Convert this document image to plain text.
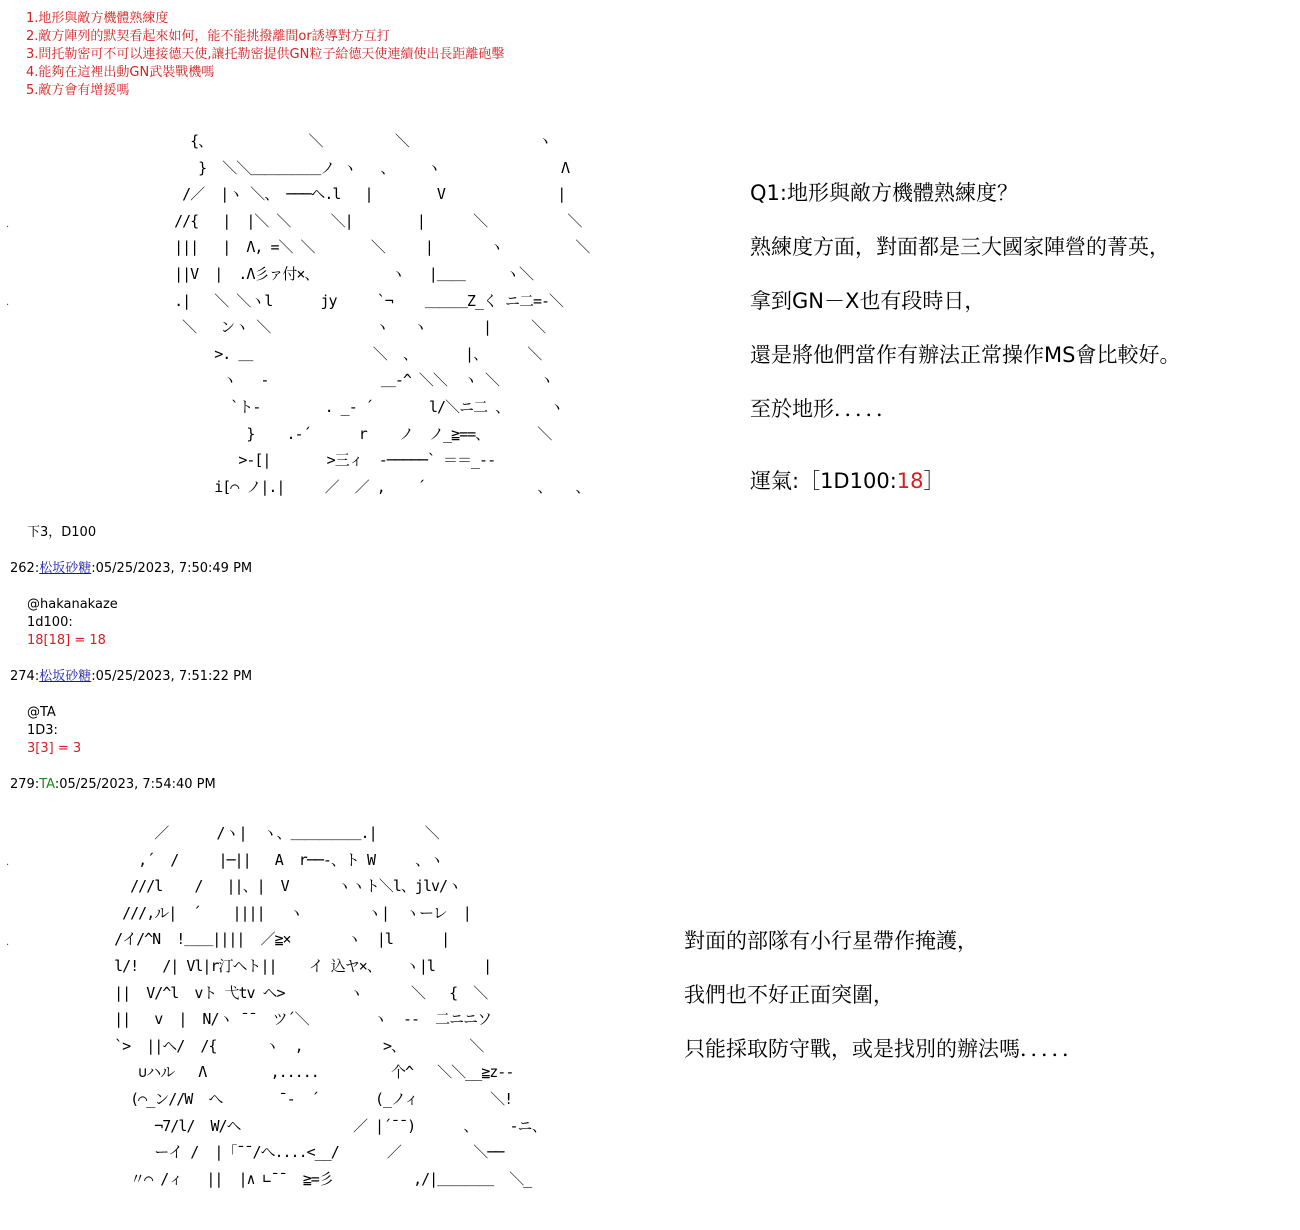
1.地形與敵方機體熟練度
2.敵方陣列的默契看起來如何，能不能挑撥離間or誘導對方互打
3.問托勒密可不可以連接德天使,讓托勒密提供GN粒子給德天使連續使出長距離砲擊
4.能夠在這裡出動GN武裝戰機嗎
5.敵方會有增援嗎
·
·
·
·
{、            ＼         ＼                ヽ
}  ＼＼＿＿＿＿＿ノ ヽ   、    ヽ               Λ
/／  |ヽ ＼、 ───ヘ.l   |        V              |
//{   |  |＼ ＼     ＼|        |      ＼          ＼
|||   |  Λ, =＼ ＼       ＼     |       ヽ         ＼
||V  |  .Λ彡ァ付×、         ヽ   |＿＿     ヽ＼
.|   ＼ ＼ヽl      jy     `¬    ＿＿＿Z_く ニ二=-＼
＼   ンヽ ＼             ヽ   ヽ       |     ＼
>. ＿               ＼  、      |、     ＼
ヽ   -              ＿-^ ＼＼  ヽ ＼     ヽ
`ト-        . _- ´       l/＼ニ二 、     ヽ
}    .-´      r    ノ  ノ_≧==、      ＼
>-[|       >三ィ  -─────` ＝＝_--
i[⌒ ノ|.|     ／  ／ ,    ´              、   、
Q1:地形與敵方機體熟練度？
熟練度方面，對面都是三大國家陣營的菁英，
拿到GN－X也有段時日，
還是將他們當作有辦法正常操作MS會比較好。
至於地形．．．．．
運氣:［1D100:18］
下3，D100
262:松坂砂糖:05/25/2023, 7:50:49 PM
@hakanakaze
1d100:
18[18] = 18
274:松坂砂糖:05/25/2023, 7:51:22 PM
@TA
1D3:
3[3] = 3
279:TA:05/25/2023, 7:54:40 PM
／      /ヽ|  ヽ、＿＿＿＿＿.|      ＼
,´  /     |─||   A  r──-、ト W     、ヽ
///l    /   ||、|  V      ヽヽト＼l、jlv/ヽ
///,ル|  ´    ||||   ヽ        ヽ|  ヽーレ  |
/イ/^N  !＿＿||||  ／≧×       ヽ  |l      |
l/!   /| Vl|r汀ヘト||    イ 込ヤ×、   ヽ|l      |
||  V/^l  vト 弋tv ヘ>        ヽ      ＼   {  ＼
||   v  |  N/ヽ ¯¯  ツ´＼        ヽ  --  二ニニソ
`>  ||ヘ/  /{      ヽ  ,          >、        ＼
∪ハル   Λ        ,.....         个^   ＼＼__≧z--
(⌒_ン//W  へ       ¯-  ´       (_ノィ         ＼!
¬7/l/  W/ヘ              ／ |´¯¯)      、    -ニ、
ーイ /  |「¯¯/へ....<__/      ／         ＼──
〃⌒ /ィ   ||  |∧ ∟¯¯  ≧=彡          ,/|＿＿＿＿  ＼_
對面的部隊有小行星帶作掩護，
我們也不好正面突圍，
只能採取防守戰，或是找別的辦法嗎．．．．．
